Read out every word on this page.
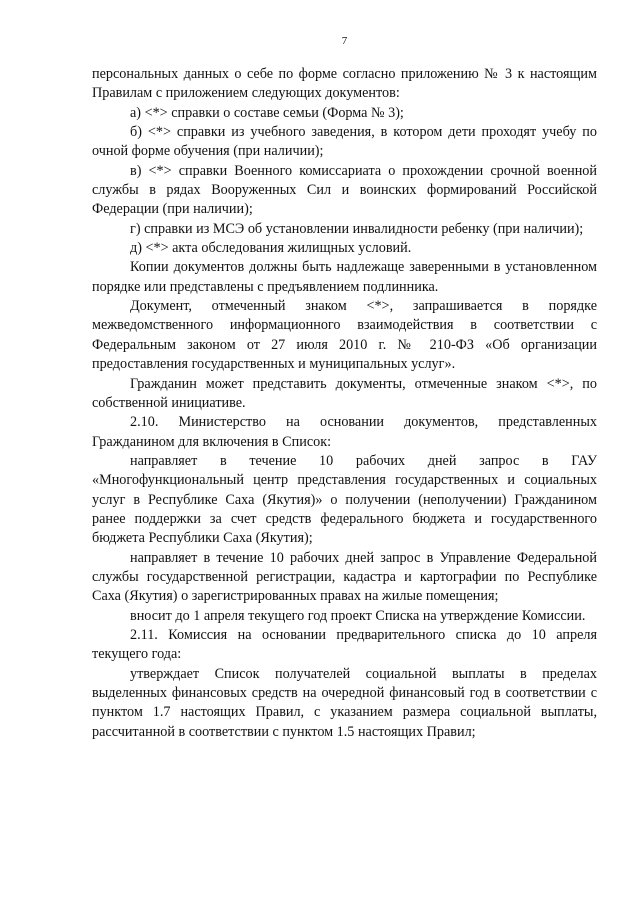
7

персональных данных о себе по форме согласно приложению № 3 к настоящим Правилам с приложением следующих документов:

а) <*> справки о составе семьи (Форма № 3);

б) <*> справки из учебного заведения, в котором дети проходят учебу по очной форме обучения (при наличии);

в) <*> справки Военного комиссариата о прохождении срочной военной службы в рядах Вооруженных Сил и воинских формирований Российской Федерации (при наличии);

г) справки из МСЭ об установлении инвалидности ребенку (при наличии);

д) <*> акта обследования жилищных условий.

Копии документов должны быть надлежаще заверенными в установленном порядке или представлены с предъявлением подлинника.

Документ, отмеченный знаком <*>, запрашивается в порядке межведомственного информационного взаимодействия в соответствии с Федеральным законом от 27 июля 2010 г. № 210-ФЗ «Об организации предоставления государственных и муниципальных услуг».

Гражданин может представить документы, отмеченные знаком <*>, по собственной инициативе.

2.10. Министерство на основании документов, представленных Гражданином для включения в Список:

направляет в течение 10 рабочих дней запрос в ГАУ «Многофункциональный центр представления государственных и социальных услуг в Республике Саха (Якутия)» о получении (неполучении) Гражданином ранее поддержки за счет средств федерального бюджета и государственного бюджета Республики Саха (Якутия);

направляет в течение 10 рабочих дней запрос в Управление Федеральной службы государственной регистрации, кадастра и картографии по Республике Саха (Якутия) о зарегистрированных правах на жилые помещения;

вносит до 1 апреля текущего год проект Списка на утверждение Комиссии.

2.11. Комиссия на основании предварительного списка до 10 апреля текущего года:

утверждает Список получателей социальной выплаты в пределах выделенных финансовых средств на очередной финансовый год в соответствии с пунктом 1.7 настоящих Правил, с указанием размера социальной выплаты, рассчитанной в соответствии с пунктом 1.5 настоящих Правил;
